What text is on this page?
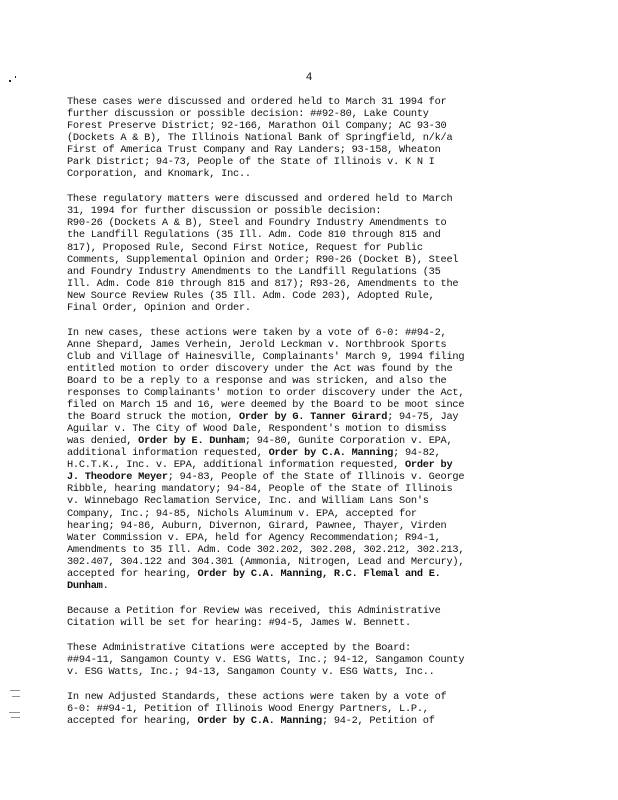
4
These cases were discussed and ordered held to March 31 1994 for
further discussion or possible decision: ##92-80, Lake County
Forest Preserve District; 92-166, Marathon Oil Company; AC 93-30
(Dockets A & B), The Illinois National Bank of Springfield, n/k/a
First of America Trust Company and Ray Landers; 93-158, Wheaton
Park District; 94-73, People of the State of Illinois v. K N I
Corporation, and Knomark, Inc..
These regulatory matters were discussed and ordered held to March
31, 1994 for further discussion or possible decision:
R90-26 (Dockets A & B), Steel and Foundry Industry Amendments to
the Landfill Regulations (35 Ill. Adm. Code 810 through 815 and
817), Proposed Rule, Second First Notice, Request for Public
Comments, Supplemental Opinion and Order; R90-26 (Docket B), Steel
and Foundry Industry Amendments to the Landfill Regulations (35
Ill. Adm. Code 810 through 815 and 817); R93-26, Amendments to the
New Source Review Rules (35 Ill. Adm. Code 203), Adopted Rule,
Final Order, Opinion and Order.
In new cases, these actions were taken by a vote of 6-0: ##94-2,
Anne Shepard, James Verhein, Jerold Leckman v. Northbrook Sports
Club and Village of Hainesville, Complainants' March 9, 1994 filing
entitled motion to order discovery under the Act was found by the
Board to be a reply to a response and was stricken, and also the
responses to Complainants' motion to order discovery under the Act,
filed on March 15 and 16, were deemed by the Board to be moot since
the Board struck the motion, Order by G. Tanner Girard; 94-75, Jay
Aguilar v. The City of Wood Dale, Respondent's motion to dismiss
was denied, Order by E. Dunham; 94-80, Gunite Corporation v. EPA,
additional information requested, Order by C.A. Manning; 94-82,
H.C.T.K., Inc. v. EPA, additional information requested, Order by
J. Theodore Meyer; 94-83, People of the State of Illinois v. George
Ribble, hearing mandatory; 94-84, People of the State of Illinois
v. Winnebago Reclamation Service, Inc. and William Lans Son's
Company, Inc.; 94-85, Nichols Aluminum v. EPA, accepted for
hearing; 94-86, Auburn, Divernon, Girard, Pawnee, Thayer, Virden
Water Commission v. EPA, held for Agency Recommendation; R94-1,
Amendments to 35 Ill. Adm. Code 302.202, 302.208, 302.212, 302.213,
302.407, 304.122 and 304.301 (Ammonia, Nitrogen, Lead and Mercury),
accepted for hearing, Order by C.A. Manning, R.C. Flemal and E.
Dunham.
Because a Petition for Review was received, this Administrative
Citation will be set for hearing: #94-5, James W. Bennett.
These Administrative Citations were accepted by the Board:
##94-11, Sangamon County v. ESG Watts, Inc.; 94-12, Sangamon County
v. ESG Watts, Inc.; 94-13, Sangamon County v. ESG Watts, Inc..
In new Adjusted Standards, these actions were taken by a vote of
6-0: ##94-1, Petition of Illinois Wood Energy Partners, L.P.,
accepted for hearing, Order by C.A. Manning; 94-2, Petition of
